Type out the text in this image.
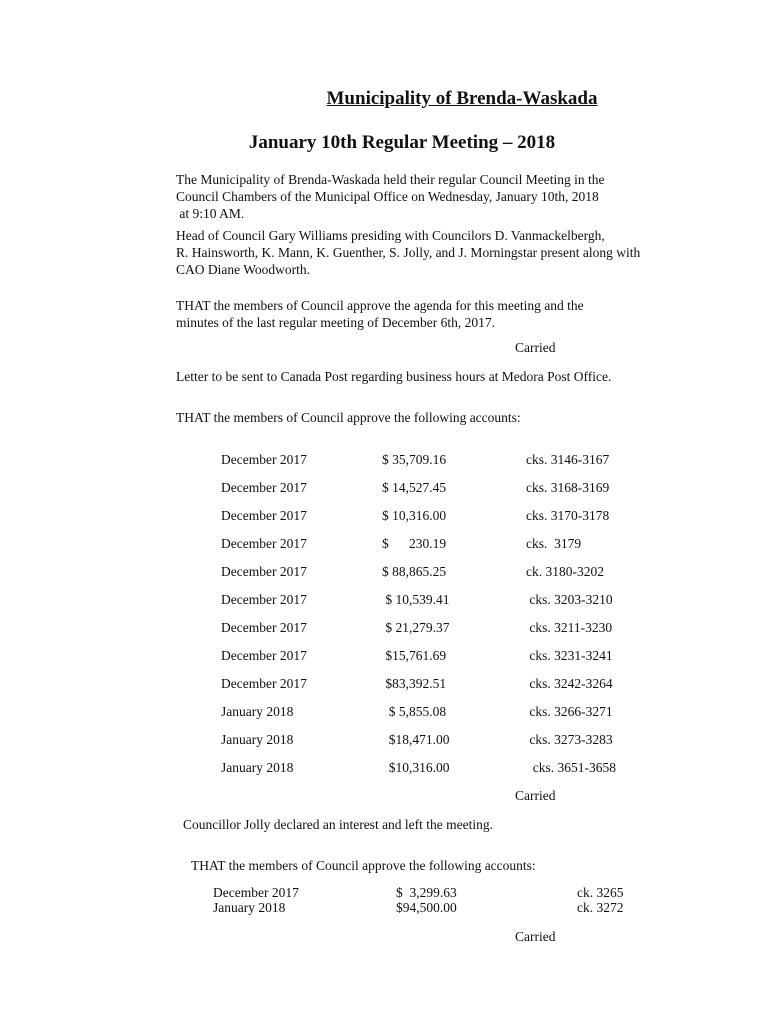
Municipality of Brenda-Waskada
January 10th Regular Meeting – 2018
The Municipality of Brenda-Waskada held their regular Council Meeting in the
Council Chambers of the Municipal Office on Wednesday, January 10th, 2018
at 9:10 AM.
Head of Council Gary Williams presiding with Councilors D. Vanmackelbergh,
R. Hainsworth, K. Mann, K. Guenther, S. Jolly, and J. Morningstar present along with
CAO Diane Woodworth.
THAT the members of Council approve the agenda for this meeting and the
minutes of the last regular meeting of December 6th, 2017.
Carried
Letter to be sent to Canada Post regarding business hours at Medora Post Office.
THAT the members of Council approve the following accounts:
December 2017	$ 35,709.16	cks. 3146-3167
December 2017	$ 14,527.45	cks. 3168-3169
December 2017	$ 10,316.00	cks. 3170-3178
December 2017	$      230.19	cks.  3179
December 2017	$ 88,865.25	ck. 3180-3202
December 2017	$ 10,539.41	cks. 3203-3210
December 2017	$ 21,279.37	cks. 3211-3230
December 2017	$15,761.69	cks. 3231-3241
December 2017	$83,392.51	cks. 3242-3264
January 2018	$ 5,855.08	cks. 3266-3271
January 2018	$18,471.00	cks. 3273-3283
January 2018	$10,316.00	cks. 3651-3658
Carried
Councillor Jolly declared an interest and left the meeting.
THAT the members of Council approve the following accounts:
December 2017	$  3,299.63	ck. 3265
January 2018	$94,500.00	ck. 3272
Carried
